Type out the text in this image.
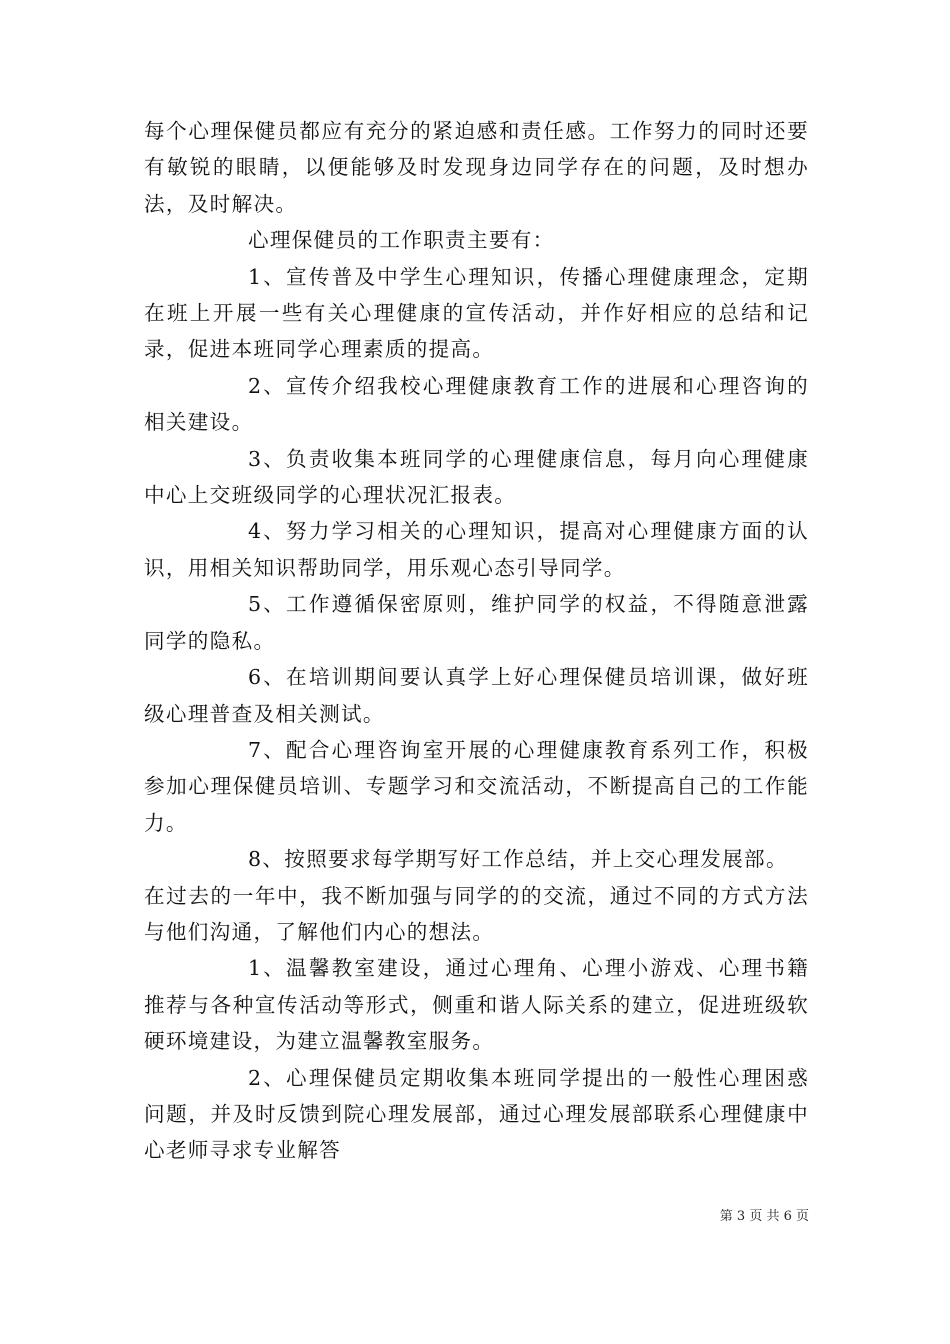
每个心理保健员都应有充分的紧迫感和责任感。工作努力的同时还要有敏锐的眼睛，以便能够及时发现身边同学存在的问题，及时想办法，及时解决。

心理保健员的工作职责主要有：

1、宣传普及中学生心理知识，传播心理健康理念，定期在班上开展一些有关心理健康的宣传活动，并作好相应的总结和记录，促进本班同学心理素质的提高。

2、宣传介绍我校心理健康教育工作的进展和心理咨询的相关建设。

3、负责收集本班同学的心理健康信息，每月向心理健康中心上交班级同学的心理状况汇报表。

4、努力学习相关的心理知识，提高对心理健康方面的认识，用相关知识帮助同学，用乐观心态引导同学。

5、工作遵循保密原则，维护同学的权益，不得随意泄露同学的隐私。

6、在培训期间要认真学上好心理保健员培训课，做好班级心理普查及相关测试。

7、配合心理咨询室开展的心理健康教育系列工作，积极参加心理保健员培训、专题学习和交流活动，不断提高自己的工作能力。

8、按照要求每学期写好工作总结，并上交心理发展部。

在过去的一年中，我不断加强与同学的的交流，通过不同的方式方法与他们沟通，了解他们内心的想法。

1、温馨教室建设，通过心理角、心理小游戏、心理书籍推荐与各种宣传活动等形式，侧重和谐人际关系的建立，促进班级软硬环境建设，为建立温馨教室服务。

2、心理保健员定期收集本班同学提出的一般性心理困惑问题，并及时反馈到院心理发展部，通过心理发展部联系心理健康中心老师寻求专业解答

第 3 页 共 6 页
